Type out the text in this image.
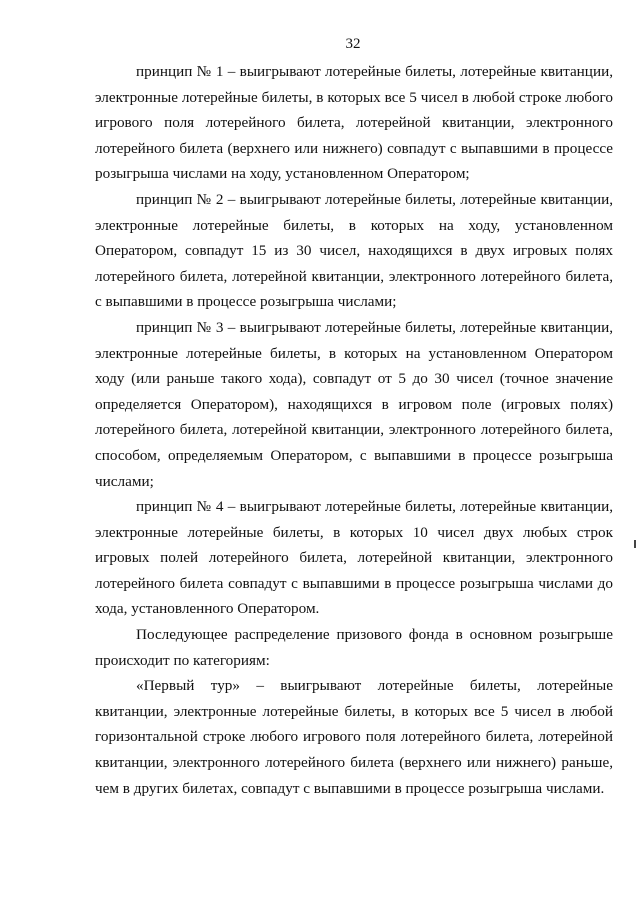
32

принцип № 1 – выигрывают лотерейные билеты, лотерейные квитанции, электронные лотерейные билеты, в которых все 5 чисел в любой строке любого игрового поля лотерейного билета, лотерейной квитанции, электронного лотерейного билета (верхнего или нижнего) совпадут с выпавшими в процессе розыгрыша числами на ходу, установленном Оператором;

принцип № 2 – выигрывают лотерейные билеты, лотерейные квитанции, электронные лотерейные билеты, в которых на ходу, установленном Оператором, совпадут 15 из 30 чисел, находящихся в двух игровых полях лотерейного билета, лотерейной квитанции, электронного лотерейного билета, с выпавшими в процессе розыгрыша числами;

принцип № 3 – выигрывают лотерейные билеты, лотерейные квитанции, электронные лотерейные билеты, в которых на установленном Оператором ходу (или раньше такого хода), совпадут от 5 до 30 чисел (точное значение определяется Оператором), находящихся в игровом поле (игровых полях) лотерейного билета, лотерейной квитанции, электронного лотерейного билета, способом, определяемым Оператором, с выпавшими в процессе розыгрыша числами;

принцип № 4 – выигрывают лотерейные билеты, лотерейные квитанции, электронные лотерейные билеты, в которых 10 чисел двух любых строк игровых полей лотерейного билета, лотерейной квитанции, электронного лотерейного билета совпадут с выпавшими в процессе розыгрыша числами до хода, установленного Оператором.

Последующее распределение призового фонда в основном розыгрыше происходит по категориям:

«Первый тур» – выигрывают лотерейные билеты, лотерейные квитанции, электронные лотерейные билеты, в которых все 5 чисел в любой горизонтальной строке любого игрового поля лотерейного билета, лотерейной квитанции, электронного лотерейного билета (верхнего или нижнего) раньше, чем в других билетах, совпадут с выпавшими в процессе розыгрыша числами.
